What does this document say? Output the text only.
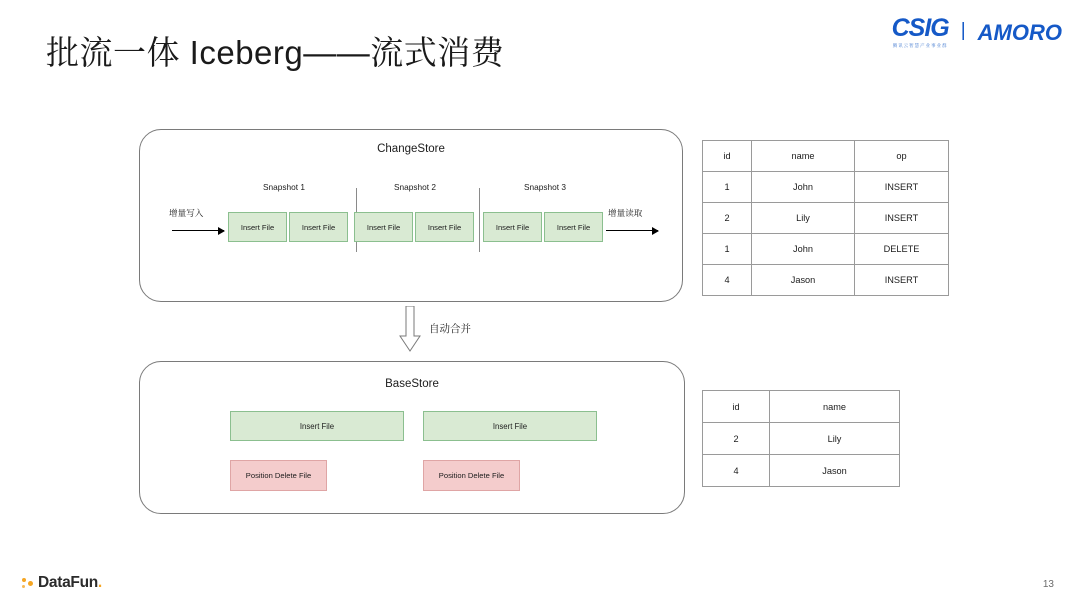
批流一体 Iceberg——流式消费
CSIG
腾讯云智慧产业事业群
| AMORO
ChangeStore
Snapshot 1	Snapshot 2	Snapshot 3
Insert File	Insert File	Insert File	Insert File	Insert File	Insert File
增量写入	增量读取
自动合并
BaseStore
Insert File	Insert File
Position Delete File	Position Delete File
id	name	op
1	John	INSERT
2	Lily	INSERT
1	John	DELETE
4	Jason	INSERT
id	name
2	Lily
4	Jason
DataFun.	13
